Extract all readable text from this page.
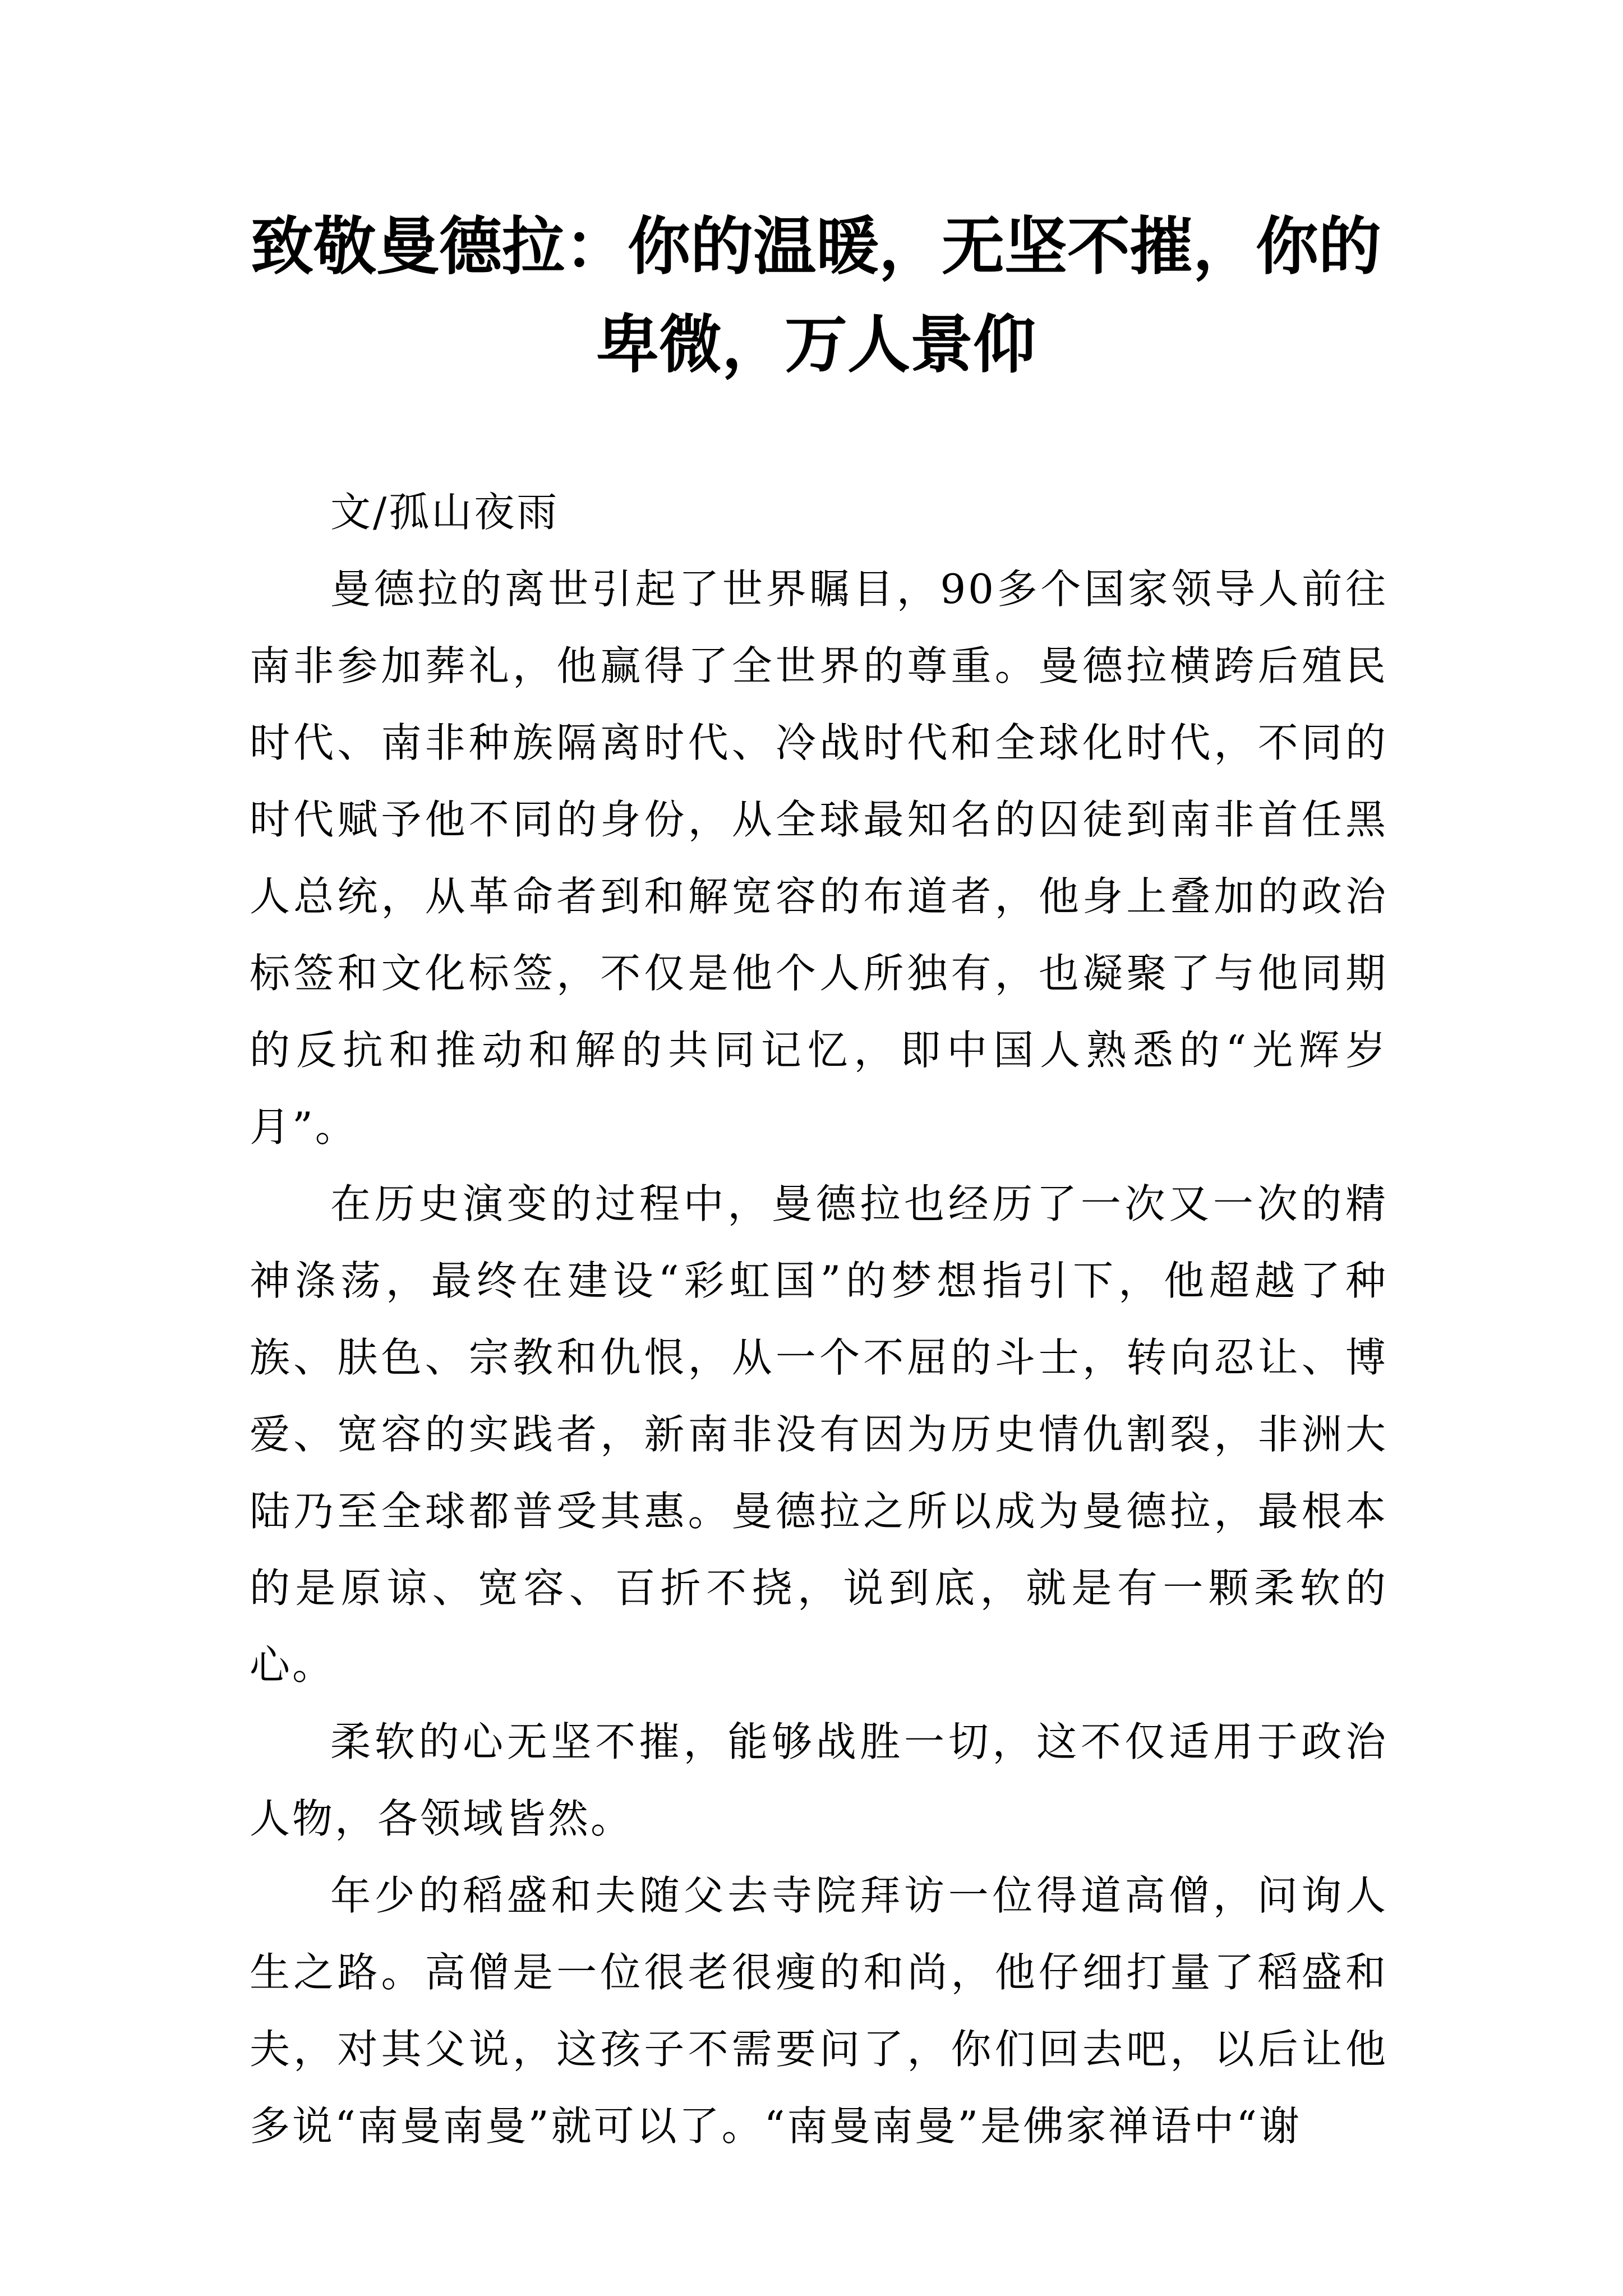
致敬曼德拉：你的温暖，无坚不摧，你的卑微，万人景仰

文/孤山夜雨

曼德拉的离世引起了世界瞩目，90多个国家领导人前往南非参加葬礼，他赢得了全世界的尊重。曼德拉横跨后殖民时代、南非种族隔离时代、冷战时代和全球化时代，不同的时代赋予他不同的身份，从全球最知名的囚徒到南非首任黑人总统，从革命者到和解宽容的布道者，他身上叠加的政治标签和文化标签，不仅是他个人所独有，也凝聚了与他同期的反抗和推动和解的共同记忆，即中国人熟悉的“光辉岁月”。

在历史演变的过程中，曼德拉也经历了一次又一次的精神涤荡，最终在建设“彩虹国”的梦想指引下，他超越了种族、肤色、宗教和仇恨，从一个不屈的斗士，转向忍让、博爱、宽容的实践者，新南非没有因为历史情仇割裂，非洲大陆乃至全球都普受其惠。曼德拉之所以成为曼德拉，最根本的是原谅、宽容、百折不挠，说到底，就是有一颗柔软的心。

柔软的心无坚不摧，能够战胜一切，这不仅适用于政治人物，各领域皆然。

年少的稻盛和夫随父去寺院拜访一位得道高僧，问询人生之路。高僧是一位很老很瘦的和尚，他仔细打量了稻盛和夫，对其父说，这孩子不需要问了，你们回去吧，以后让他多说“南曼南曼”就可以了。“南曼南曼”是佛家禅语中“谢
